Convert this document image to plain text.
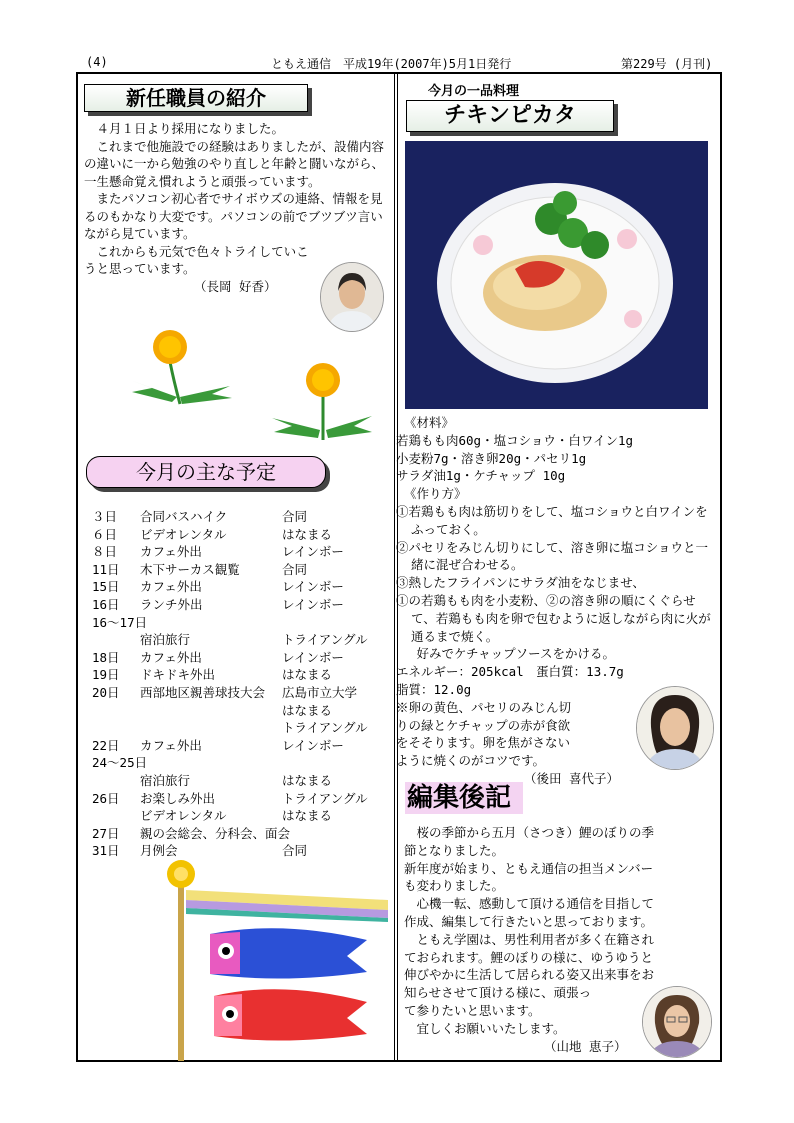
(4)	ともえ通信　平成19年(2007年)5月1日発行	第229号 (月刊)
新任職員の紹介

４月１日より採用になりました。

これまで他施設での経験はありましたが、設備内容の違いに一から勉強のやり直しと年齢と闘いながら、一生懸命覚え慣れようと頑張っています。

またパソコン初心者でサイボウズの連絡、情報を見るのもかなり大変です。パソコンの前でブツブツ言いながら見ています。

これからも元気で色々トライしていこうと思っています。

（長岡 好香）

今月の主な予定
３日 合同バスハイク	合同
６日 ビデオレンタル	はなまる
８日 カフェ外出	レインボー
11日 木下サーカス観覧	合同
15日 カフェ外出	レインボー
16日 ランチ外出	レインボー
16～17日
宿泊旅行	トライアングル
18日 カフェ外出	レインボー
19日 ドキドキ外出	はなまる
20日 西部地区親善球技大会 広島市立大学
はなまる
トライアングル
22日 カフェ外出	レインボー
24～25日
宿泊旅行	はなまる
26日 お楽しみ外出	トライアングル
ビデオレンタル	はなまる
27日 親の会総会、分科会、面会
31日 月例会	合同
今月の一品料理
チキンピカタ

《材料》

若鶏もも肉60g・塩コショウ・白ワイン1g

小麦粉7g・溶き卵20g・パセリ1g

サラダ油1g・ケチャップ 10g

《作り方》

①若鶏もも肉は筋切りをして、塩コショウと白ワインをふっておく。

②パセリをみじん切りにして、溶き卵に塩コショウと一緒に混ぜ合わせる。

③熱したフライパンにサラダ油をなじませ、

①の若鶏もも肉を小麦粉、②の溶き卵の順にくぐらせて、若鶏もも肉を卵で包むように返しながら肉に火が通るまで焼く。

好みでケチャップソースをかける。

エネルギー：205kcal　蛋白質：13.7g

脂質：12.0g

※卵の黄色、パセリのみじん切

りの緑とケチャップの赤が食欲

をそそります。卵を焦がさない

ように焼くのがコツです。

（後田 喜代子）

編集後記

　桜の季節から五月（さつき）鯉のぼりの季

節となりました。

新年度が始まり、ともえ通信の担当メンバー

も変わりました。

　心機一転、感動して頂ける通信を目指して

作成、編集して行きたいと思っております。

　ともえ学園は、男性利用者が多く在籍され

ておられます。鯉のぼりの様に、ゆうゆうと

伸びやかに生活して居られる姿又出来事をお

知らせさせて頂ける様に、頑張っ

て参りたいと思います。

　宜しくお願いいたします。

（山地 恵子）
